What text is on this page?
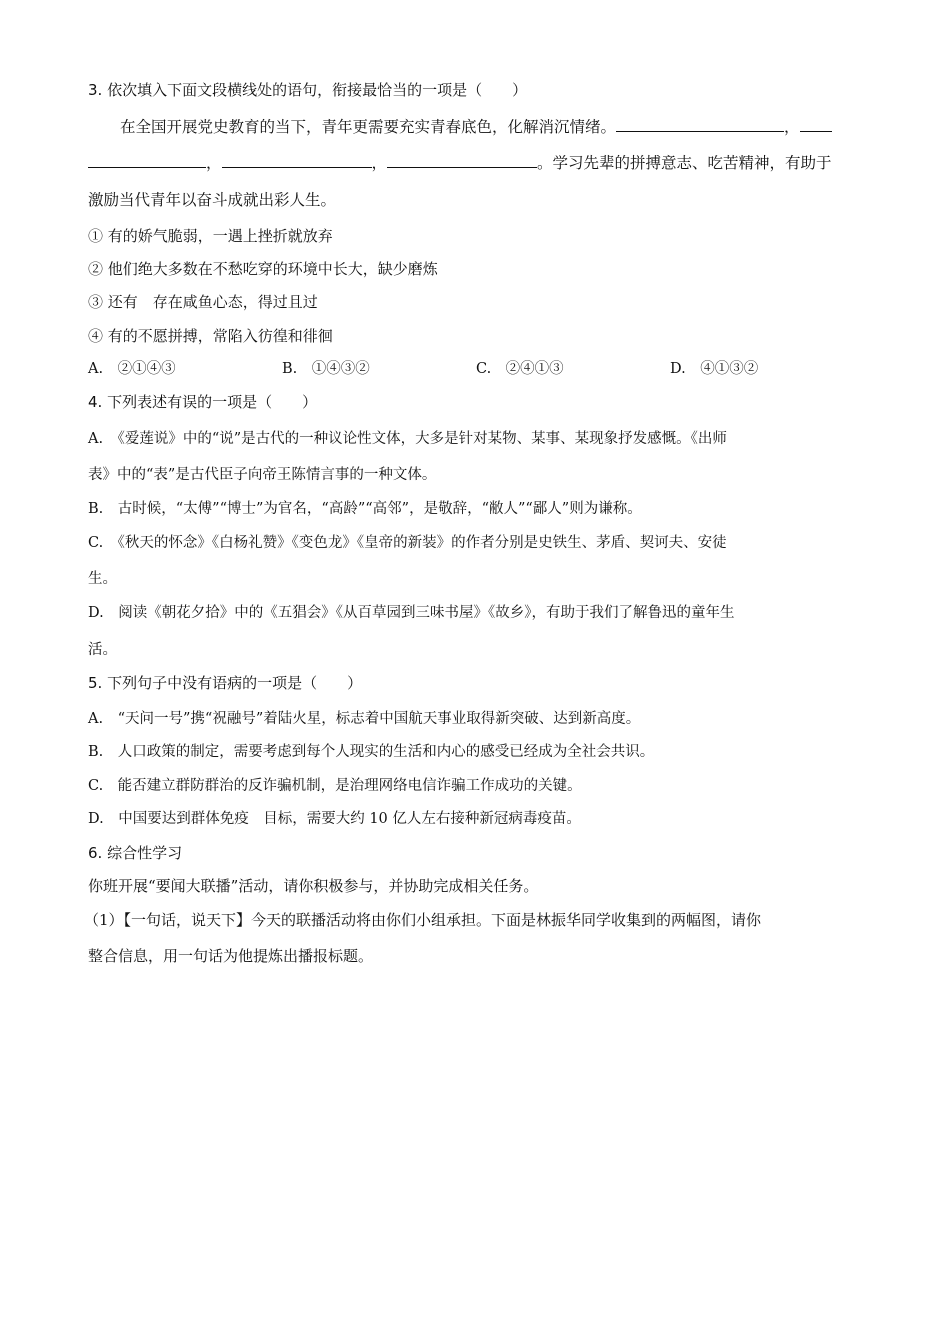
3. 依次填入下面文段横线处的语句，衔接最恰当的一项是（　　）
在全国开展党史教育的当下，青年更需要充实青春底色，化解消沉情绪。	，
，	，	。学习先辈的拼搏意志、吃苦精神，有助于
激励当代青年以奋斗成就出彩人生。
① 有的娇气脆弱，一遇上挫折就放弃
② 他们绝大多数在不愁吃穿的环境中长大，缺少磨炼
③ 还有　存在咸鱼心态，得过且过
④ 有的不愿拼搏，常陷入彷徨和徘徊
A.　②①④③	B.　①④③②	C.　②④①③	D.　④①③②
4. 下列表述有误的一项是（　　）
A.　《爱莲说》中的“说”是古代的一种议论性文体，大多是针对某物、某事、某现象抒发感慨。《出师
表》中的“表”是古代臣子向帝王陈情言事的一种文体。
B.　古时候，“太傅”“博士”为官名，“高龄”“高邻”，是敬辞，“敝人”“鄙人”则为谦称。
C.　《秋天的怀念》《白杨礼赞》《变色龙》《皇帝的新装》的作者分别是史铁生、茅盾、契诃夫、安徒
生。
D.　阅读《朝花夕拾》中的《五猖会》《从百草园到三味书屋》《故乡》，有助于我们了解鲁迅的童年生
活。
5. 下列句子中没有语病的一项是（　　）
A.　“天问一号”携“祝融号”着陆火星，标志着中国航天事业取得新突破、达到新高度。
B.　人口政策的制定，需要考虑到每个人现实的生活和内心的感受已经成为全社会共识。
C.　能否建立群防群治的反诈骗机制，是治理网络电信诈骗工作成功的关键。
D.　中国要达到群体免疫　目标，需要大约 10 亿人左右接种新冠病毒疫苗。
6. 综合性学习
你班开展“要闻大联播”活动，请你积极参与，并协助完成相关任务。
（1）【一句话，说天下】今天的联播活动将由你们小组承担。下面是林振华同学收集到的两幅图，请你
整合信息，用一句话为他提炼出播报标题。
